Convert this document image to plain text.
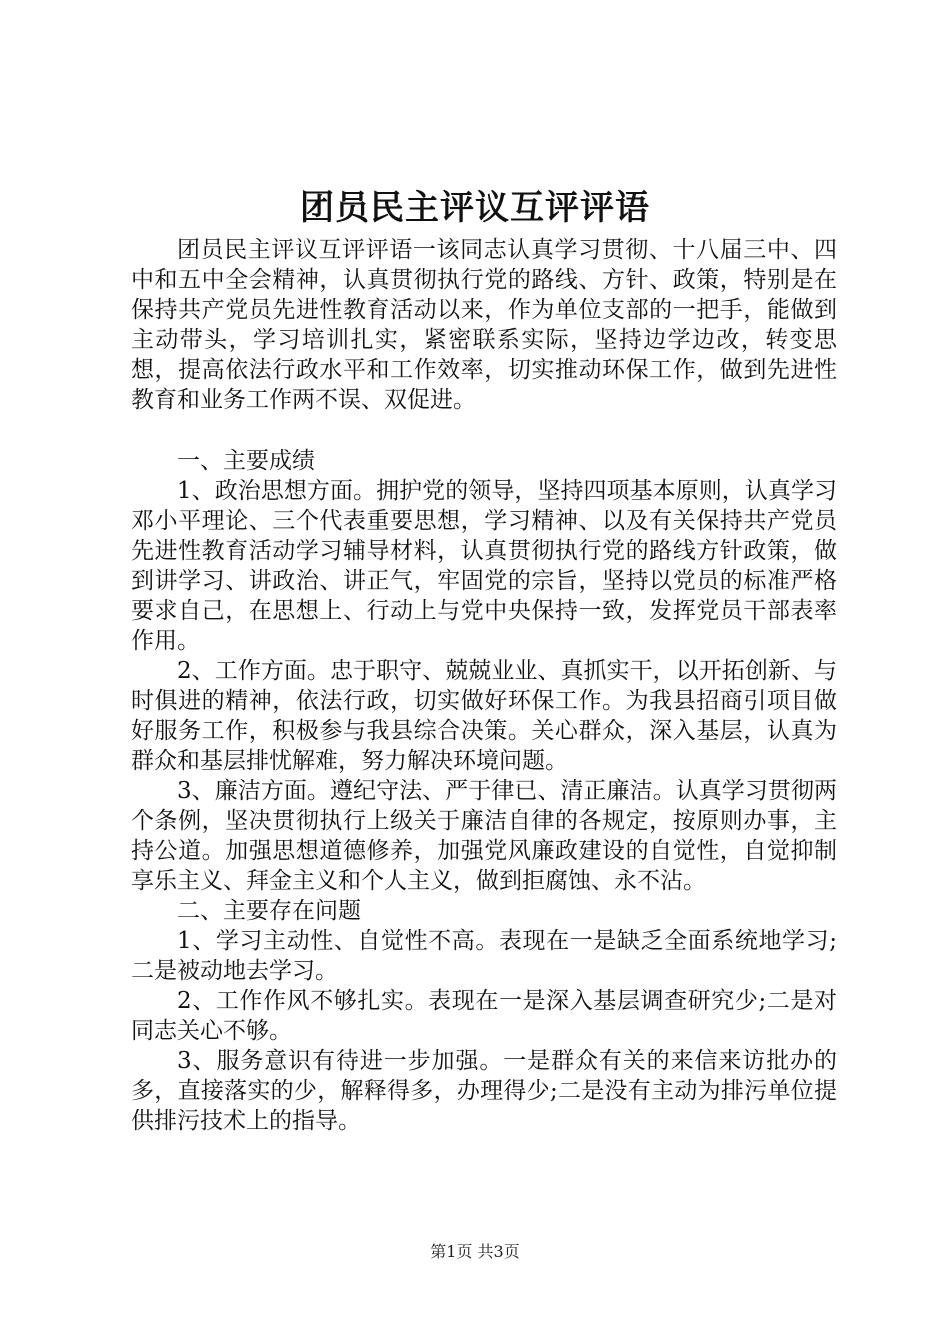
团员民主评议互评评语

团员民主评议互评评语一该同志认真学习贯彻、十八届三中、四中和五中全会精神，认真贯彻执行党的路线、方针、政策，特别是在保持共产党员先进性教育活动以来，作为单位支部的一把手，能做到主动带头，学习培训扎实，紧密联系实际，坚持边学边改，转变思想，提高依法行政水平和工作效率，切实推动环保工作，做到先进性教育和业务工作两不误、双促进。

一、主要成绩

1、政治思想方面。拥护党的领导，坚持四项基本原则，认真学习邓小平理论、三个代表重要思想，学习精神、以及有关保持共产党员先进性教育活动学习辅导材料，认真贯彻执行党的路线方针政策，做到讲学习、讲政治、讲正气，牢固党的宗旨，坚持以党员的标准严格要求自己，在思想上、行动上与党中央保持一致，发挥党员干部表率作用。

2、工作方面。忠于职守、兢兢业业、真抓实干，以开拓创新、与时俱进的精神，依法行政，切实做好环保工作。为我县招商引项目做好服务工作，积极参与我县综合决策。关心群众，深入基层，认真为群众和基层排忧解难，努力解决环境问题。

3、廉洁方面。遵纪守法、严于律已、清正廉洁。认真学习贯彻两个条例，坚决贯彻执行上级关于廉洁自律的各规定，按原则办事，主持公道。加强思想道德修养，加强党风廉政建设的自觉性，自觉抑制享乐主义、拜金主义和个人主义，做到拒腐蚀、永不沾。

二、主要存在问题

1、学习主动性、自觉性不高。表现在一是缺乏全面系统地学习;二是被动地去学习。

2、工作作风不够扎实。表现在一是深入基层调查研究少;二是对同志关心不够。

3、服务意识有待进一步加强。一是群众有关的来信来访批办的多，直接落实的少，解释得多，办理得少;二是没有主动为排污单位提供排污技术上的指导。

第1页 共3页
